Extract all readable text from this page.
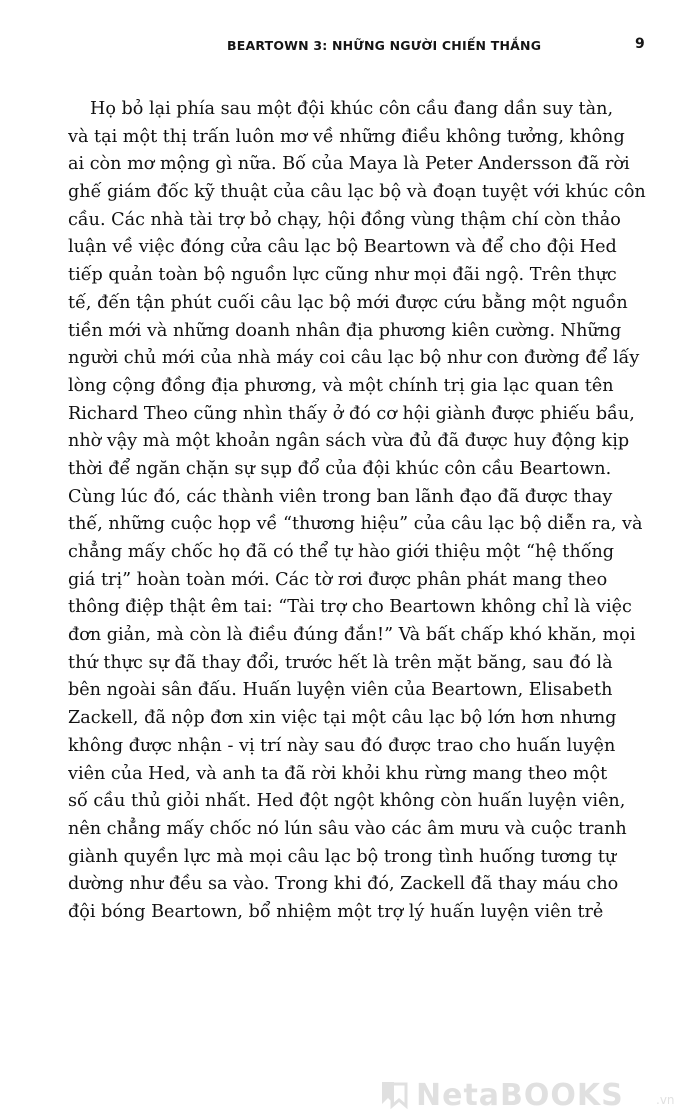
BEARTOWN 3: NHỮNG NGƯỜI CHIẾN THẮNG	9
Họ bỏ lại phía sau một đội khúc côn cầu đang dần suy tàn,
và tại một thị trấn luôn mơ về những điều không tưởng, không
ai còn mơ mộng gì nữa. Bố của Maya là Peter Andersson đã rời
ghế giám đốc kỹ thuật của câu lạc bộ và đoạn tuyệt với khúc côn
cầu. Các nhà tài trợ bỏ chạy, hội đồng vùng thậm chí còn thảo
luận về việc đóng cửa câu lạc bộ Beartown và để cho đội Hed
tiếp quản toàn bộ nguồn lực cũng như mọi đãi ngộ. Trên thực
tế, đến tận phút cuối câu lạc bộ mới được cứu bằng một nguồn
tiền mới và những doanh nhân địa phương kiên cường. Những
người chủ mới của nhà máy coi câu lạc bộ như con đường để lấy
lòng cộng đồng địa phương, và một chính trị gia lạc quan tên
Richard Theo cũng nhìn thấy ở đó cơ hội giành được phiếu bầu,
nhờ vậy mà một khoản ngân sách vừa đủ đã được huy động kịp
thời để ngăn chặn sự sụp đổ của đội khúc côn cầu Beartown.
Cùng lúc đó, các thành viên trong ban lãnh đạo đã được thay
thế, những cuộc họp về “thương hiệu” của câu lạc bộ diễn ra, và
chẳng mấy chốc họ đã có thể tự hào giới thiệu một “hệ thống
giá trị” hoàn toàn mới. Các tờ rơi được phân phát mang theo
thông điệp thật êm tai: “Tài trợ cho Beartown không chỉ là việc
đơn giản, mà còn là điều đúng đắn!” Và bất chấp khó khăn, mọi
thứ thực sự đã thay đổi, trước hết là trên mặt băng, sau đó là
bên ngoài sân đấu. Huấn luyện viên của Beartown, Elisabeth
Zackell, đã nộp đơn xin việc tại một câu lạc bộ lớn hơn nhưng
không được nhận - vị trí này sau đó được trao cho huấn luyện
viên của Hed, và anh ta đã rời khỏi khu rừng mang theo một
số cầu thủ giỏi nhất. Hed đột ngột không còn huấn luyện viên,
nên chẳng mấy chốc nó lún sâu vào các âm mưu và cuộc tranh
giành quyền lực mà mọi câu lạc bộ trong tình huống tương tự
dường như đều sa vào. Trong khi đó, Zackell đã thay máu cho
đội bóng Beartown, bổ nhiệm một trợ lý huấn luyện viên trẻ
NetaBOOKS	.vn
